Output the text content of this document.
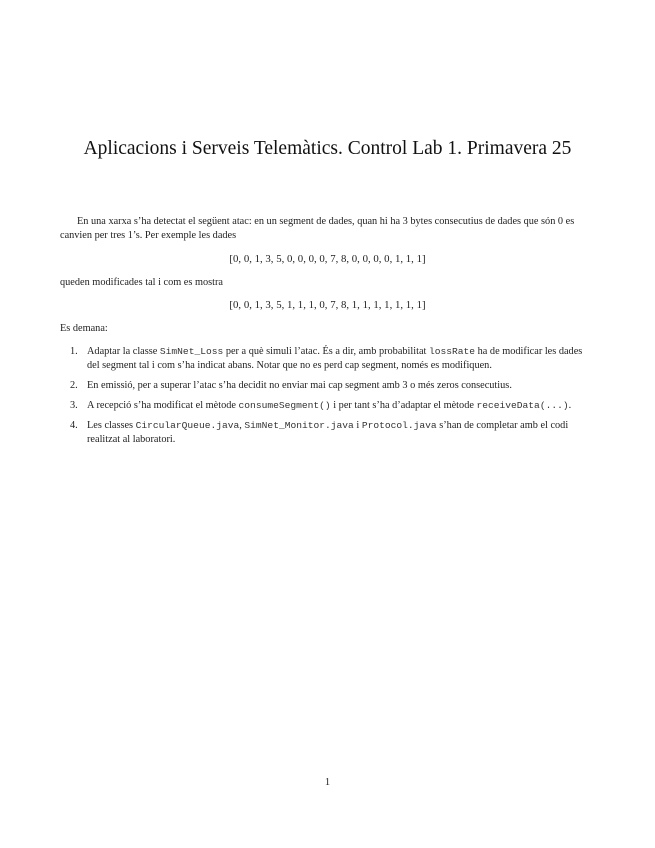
Aplicacions i Serveis Telemàtics. Control Lab 1. Primavera 25

En una xarxa s’ha detectat el següent atac: en un segment de dades, quan hi ha 3 bytes consecutius de dades que són 0 es canvien per tres 1’s. Per exemple les dades

[0, 0, 1, 3, 5, 0, 0, 0, 0, 7, 8, 0, 0, 0, 0, 1, 1, 1]
queden modificades tal i com es mostra
[0, 0, 1, 3, 5, 1, 1, 1, 0, 7, 8, 1, 1, 1, 1, 1, 1, 1]
Es demana:
1. Adaptar la classe SimNet_Loss per a què simuli l’atac. És a dir, amb probabilitat lossRate ha de modificar les dades del segment tal i com s’ha indicat abans. Notar que no es perd cap segment, només es modifiquen.
2. En emissió, per a superar l’atac s’ha decidit no enviar mai cap segment amb 3 o més zeros consecutius.
3. A recepció s’ha modificat el mètode consumeSegment() i per tant s’ha d’adaptar el mètode receiveData(...).
4. Les classes CircularQueue.java, SimNet_Monitor.java i Protocol.java s’han de completar amb el codi realitzat al laboratori.
1
